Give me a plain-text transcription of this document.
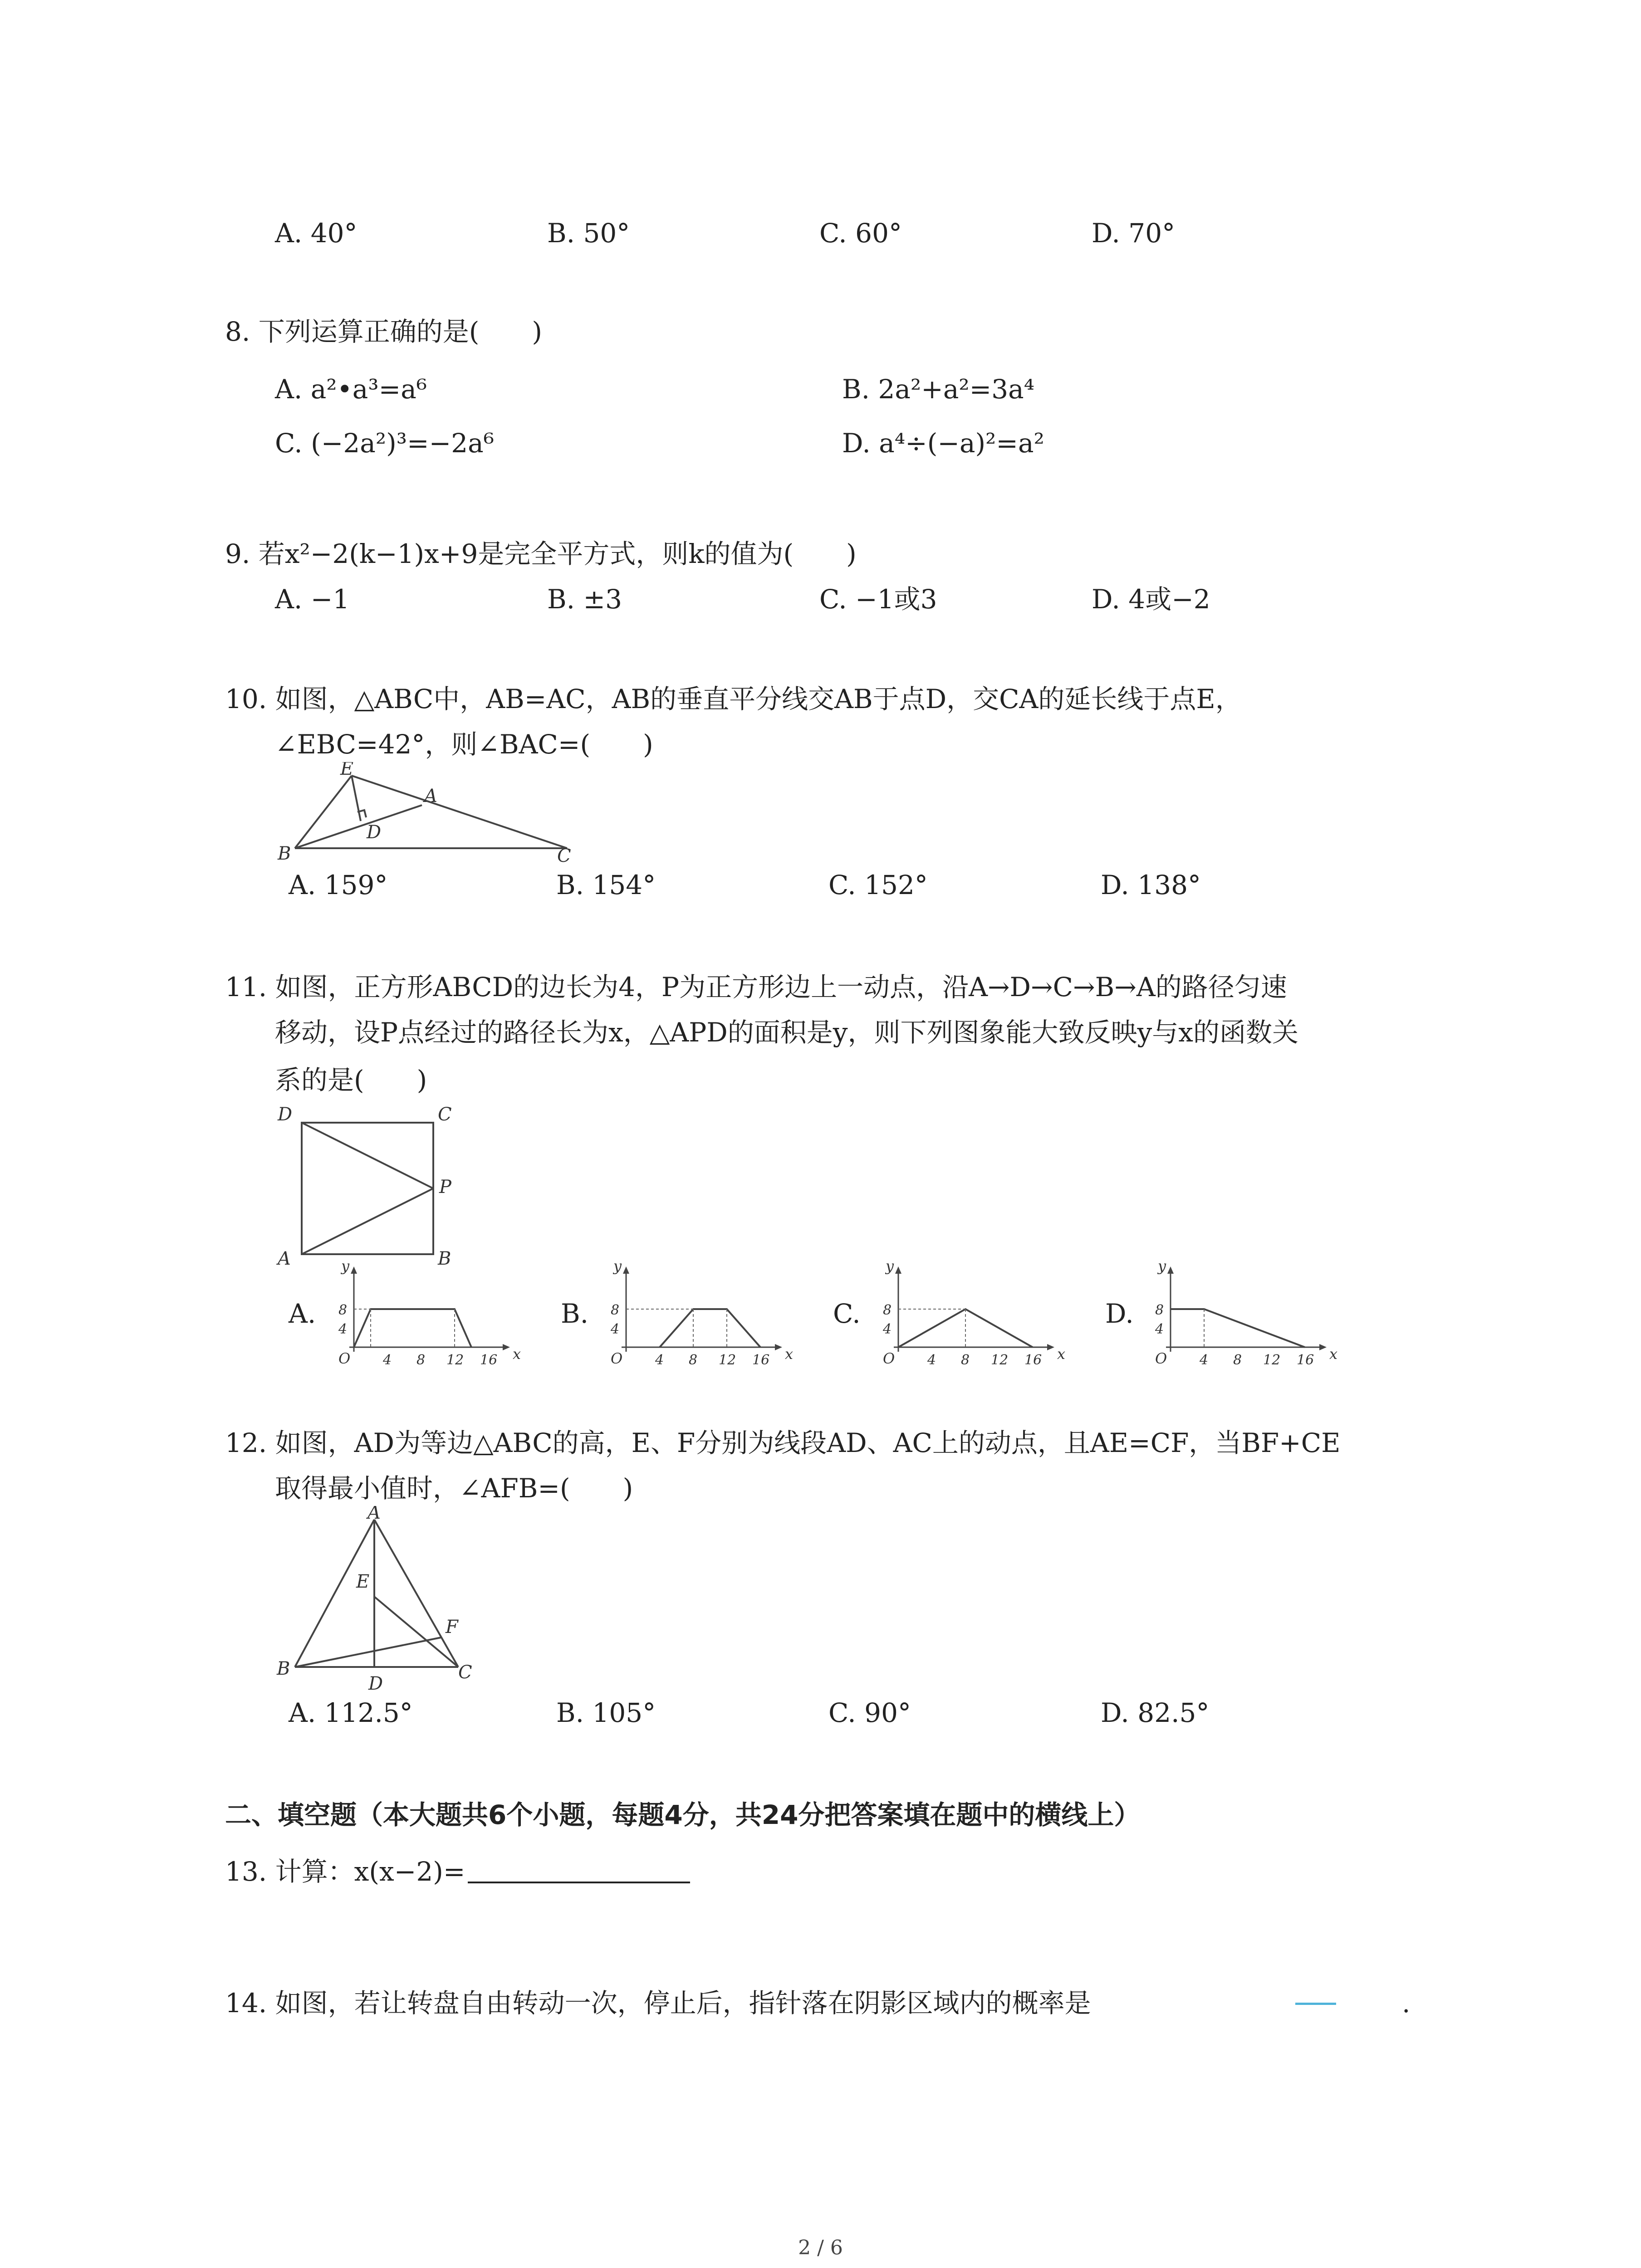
A. 40°	B. 50°	C. 60°	D. 70°
8. 下列运算正确的是(　　)
A. a²•a³=a⁶	B. 2a²+a²=3a⁴
C. (−2a²)³=−2a⁶	D. a⁴÷(−a)²=a²
9. 若x²−2(k−1)x+9是完全平方式，则k的值为(　　)
A. −1	B. ±3	C. −1或3	D. 4或−2
10. 如图，△ABC中，AB=AC，AB的垂直平分线交AB于点D，交CA的延长线于点E，
∠EBC=42°，则∠BAC=(　　)
E
A
D
B	C
A. 159°	B. 154°	C. 152°	D. 138°
11. 如图，正方形ABCD的边长为4，P为正方形边上一动点，沿A→D→C→B→A的路径匀速
移动，设P点经过的路径长为x，△APD的面积是y，则下列图象能大致反映y与x的函数关
系的是(　　)
D	C
P
A	B
A.	B.	C.	D.
y
x
O
8
4
4 8 12 16
y
x
O
8
4
4 8 12 16
y
x
O
8
4
4 8 12 16
y
x
O
8
4
4 8 12 16
12. 如图，AD为等边△ABC的高，E、F分别为线段AD、AC上的动点，且AE=CF，当BF+CE
取得最小值时，∠AFB=(　　)
A
E
F
B
D
C
A. 112.5°	B. 105°	C. 90°	D. 82.5°
二、填空题（本大题共6个小题，每题4分，共24分把答案填在题中的横线上）
13. 计算：x(x−2)=
14. 如图，若让转盘自由转动一次，停止后，指针落在阴影区域内的概率是	.
2 / 6
